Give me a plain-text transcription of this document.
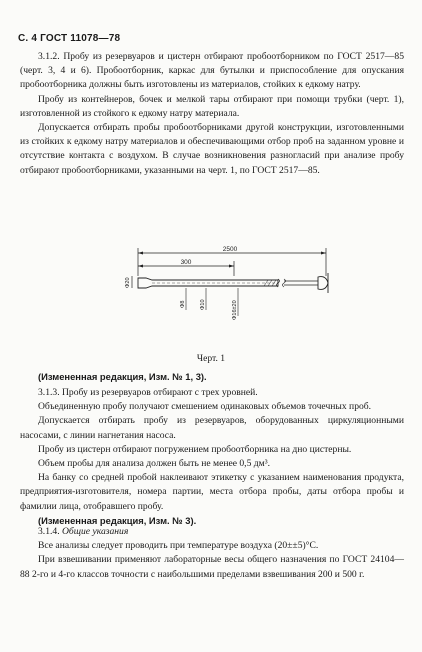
С. 4 ГОСТ 11078—78

3.1.2. Пробу из резервуаров и цистерн отбирают пробоотборником по ГОСТ 2517—85 (черт. 3, 4 и 6). Пробоотборник, каркас для бутылки и приспособление для опускания пробоотборника должны быть изготовлены из материалов, стойких к едкому натру.

Пробу из контейнеров, бочек и мелкой тары отбирают при помощи трубки (черт. 1), изготовленной из стойкого к едкому натру материала.

Допускается отбирать пробы пробоотборниками другой конструкции, изготовленными из стойких к едкому натру материалов и обеспечивающими отбор проб на заданном уровне и отсутствие контакта с воздухом. В случае возникновения разногласий при анализе пробу отбирают пробоотборниками, указанными на черт. 1, по ГОСТ 2517—85.

2500
300
Φ20
Φ8	Φ10	Φ16±20
Черт. 1

(Измененная редакция, Изм. № 1, 3).

3.1.3. Пробу из резервуаров отбирают с трех уровней.

Объединенную пробу получают смешением одинаковых объемов точечных проб.

Допускается отбирать пробу из резервуаров, оборудованных циркуляционными насосами, с линии нагнетания насоса.

Пробу из цистерн отбирают погружением пробоотборника на дно цистерны.

Объем пробы для анализа должен быть не менее 0,5 дм³.

На банку со средней пробой наклеивают этикетку с указанием наименования продукта, предприятия-изготовителя, номера партии, места отбора пробы, даты отбора пробы и фамилии лица, отобравшего пробу.

(Измененная редакция, Изм. № 3).

3.1.4. Общие указания

Все анализы следует проводить при температуре воздуха (20±±5)°С.

При взвешивании применяют лабораторные весы общего назначения по ГОСТ 24104—88 2-го и 4-го классов точности с наибольшими пределами взвешивания 200 и 500 г.
